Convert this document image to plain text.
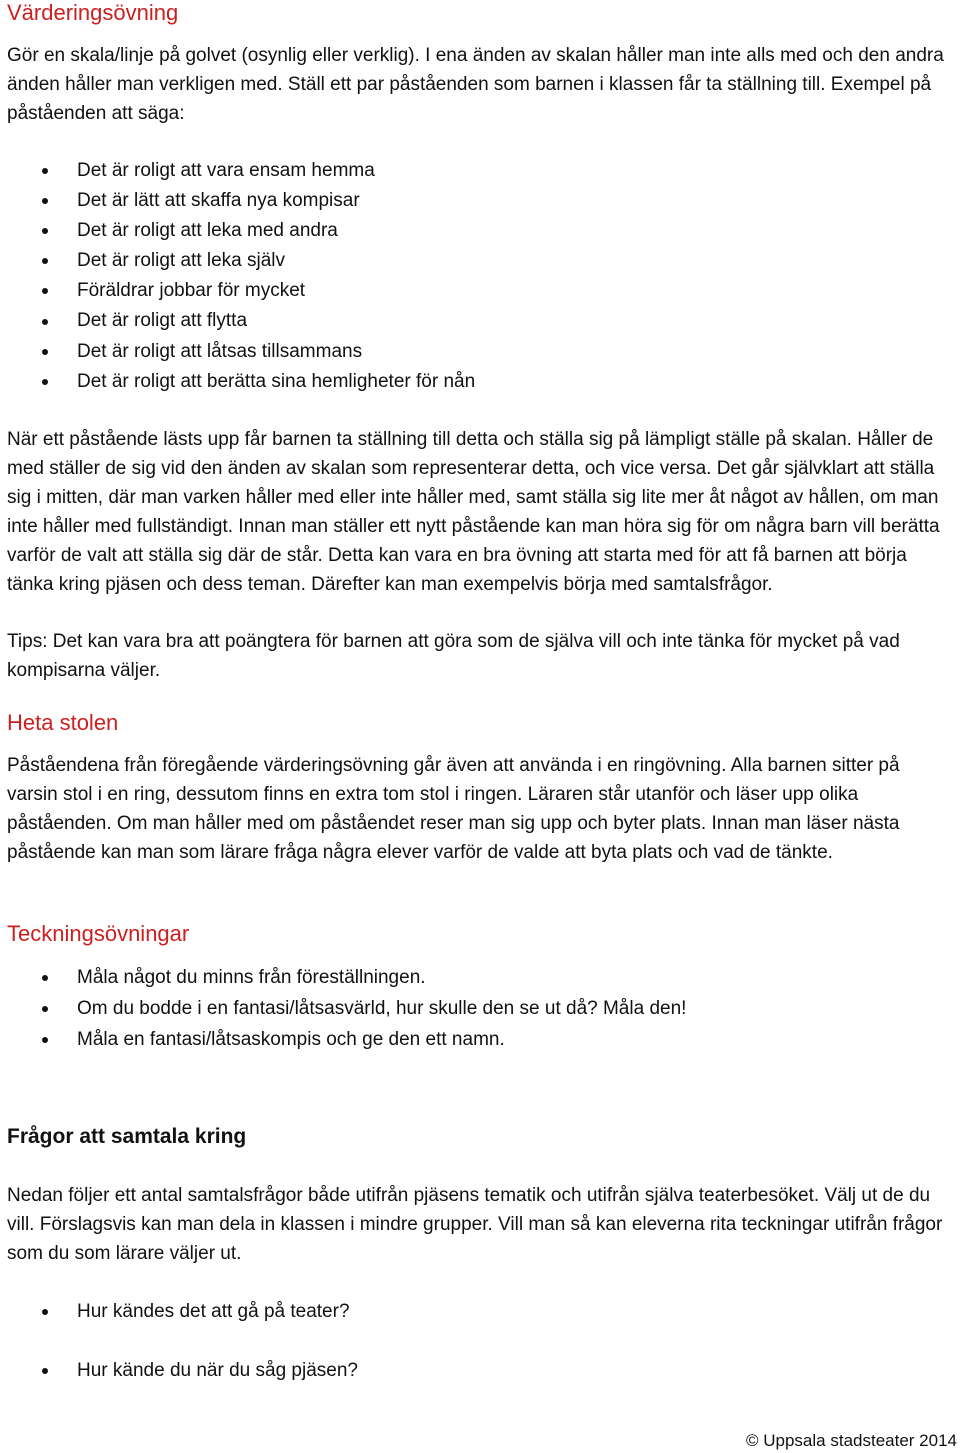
Värderingsövning

Gör en skala/linje på golvet (osynlig eller verklig). I ena änden av skalan håller man inte alls med och den andra änden håller man verkligen med. Ställ ett par påståenden som barnen i klassen får ta ställning till. Exempel på påståenden att säga:

Det är roligt att vara ensam hemma
Det är lätt att skaffa nya kompisar
Det är roligt att leka med andra
Det är roligt att leka själv
Föräldrar jobbar för mycket
Det är roligt att flytta
Det är roligt att låtsas tillsammans
Det är roligt att berätta sina hemligheter för nån

När ett påstående lästs upp får barnen ta ställning till detta och ställa sig på lämpligt ställe på skalan. Håller de med ställer de sig vid den änden av skalan som representerar detta, och vice versa. Det går självklart att ställa sig i mitten, där man varken håller med eller inte håller med, samt ställa sig lite mer åt något av hållen, om man inte håller med fullständigt. Innan man ställer ett nytt påstående kan man höra sig för om några barn vill berätta varför de valt att ställa sig där de står. Detta kan vara en bra övning att starta med för att få barnen att börja tänka kring pjäsen och dess teman. Därefter kan man exempelvis börja med samtalsfrågor.

Tips: Det kan vara bra att poängtera för barnen att göra som de själva vill och inte tänka för mycket på vad kompisarna väljer.

Heta stolen

Påståendena från föregående värderingsövning går även att använda i en ringövning. Alla barnen sitter på varsin stol i en ring, dessutom finns en extra tom stol i ringen. Läraren står utanför och läser upp olika påståenden. Om man håller med om påståendet reser man sig upp och byter plats. Innan man läser nästa påstående kan man som lärare fråga några elever varför de valde att byta plats och vad de tänkte.

Teckningsövningar
Måla något du minns från föreställningen.
Om du bodde i en fantasi/låtsasvärld, hur skulle den se ut då? Måla den!
Måla en fantasi/låtsaskompis och ge den ett namn.
Frågor att samtala kring

Nedan följer ett antal samtalsfrågor både utifrån pjäsens tematik och utifrån själva teaterbesöket. Välj ut de du vill. Förslagsvis kan man dela in klassen i mindre grupper. Vill man så kan eleverna rita teckningar utifrån frågor som du som lärare väljer ut.

Hur kändes det att gå på teater?
Hur kände du när du såg pjäsen?
© Uppsala stadsteater 2014
